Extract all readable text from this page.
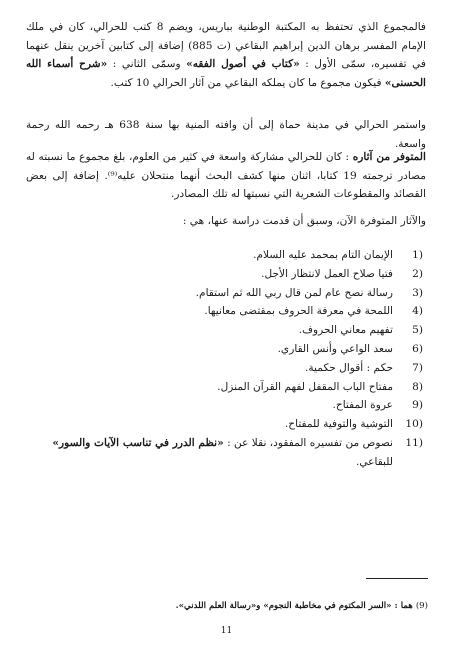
فالمجموع الذي تحتفظ به المكتبة الوطنية بباريس، ويضم 8 كتب للحرالي، كان في ملك الإمام المفسر برهان الدين إبراهيم البقاعي (ت 885) إضافة إلى كتابين آخرين ينقل عنهما في تفسيره، سمّى الأول : «كتاب في أصول الفقه» وسمّى الثاني : «شرح أسماء الله الحسنى» فيكون مجموع ما كان يملكه البقاعي من آثار الحرالي 10 كتب.

واستمر الحرالي في مدينة حماة إلى أن وافته المنية بها سنة 638 هـ رحمه الله رحمة واسعة.

المتوفر من آثاره : كان للحرالي مشاركة واسعة في كثير من العلوم، بلغ مجموع ما نسبته له مصادر ترجمته 19 كتابا، اثنان منها كشف البحث أنهما منتحلان عليه⁽⁹⁾. إضافة إلى بعض القصائد والمقطوعات الشعرية التي نسبتها له تلك المصادر.

والآثار المتوفرة الآن، وسبق أن قدمت دراسة عنها، هي :

1)
الإيمان التام بمحمد عليه السلام.
2)
فتيا صلاح العمل لانتظار الأجل.
3)
رسالة نصح عام لمن قال ربي الله ثم استقام.
4)
اللمحة في معرفة الحروف بمقتضى معانيها.
5)
تفهيم معاني الحروف.
6)
سعد الواعي وأنس القاري.
7)
حكم : أقوال حكمية.
8)
مفتاح الباب المقفل لفهم القرآن المنزل.
9)
عروة المفتاح.
10)
التوشية والتوفية للمفتاح.
11)
نصوص من تفسيره المفقود، نقلا عن : «نظم الدرر في تناسب الآيات والسور»
للبقاعي.
(9) هما : «السر المكتوم في مخاطبة النجوم» و«رسالة العلم اللدني».
11
